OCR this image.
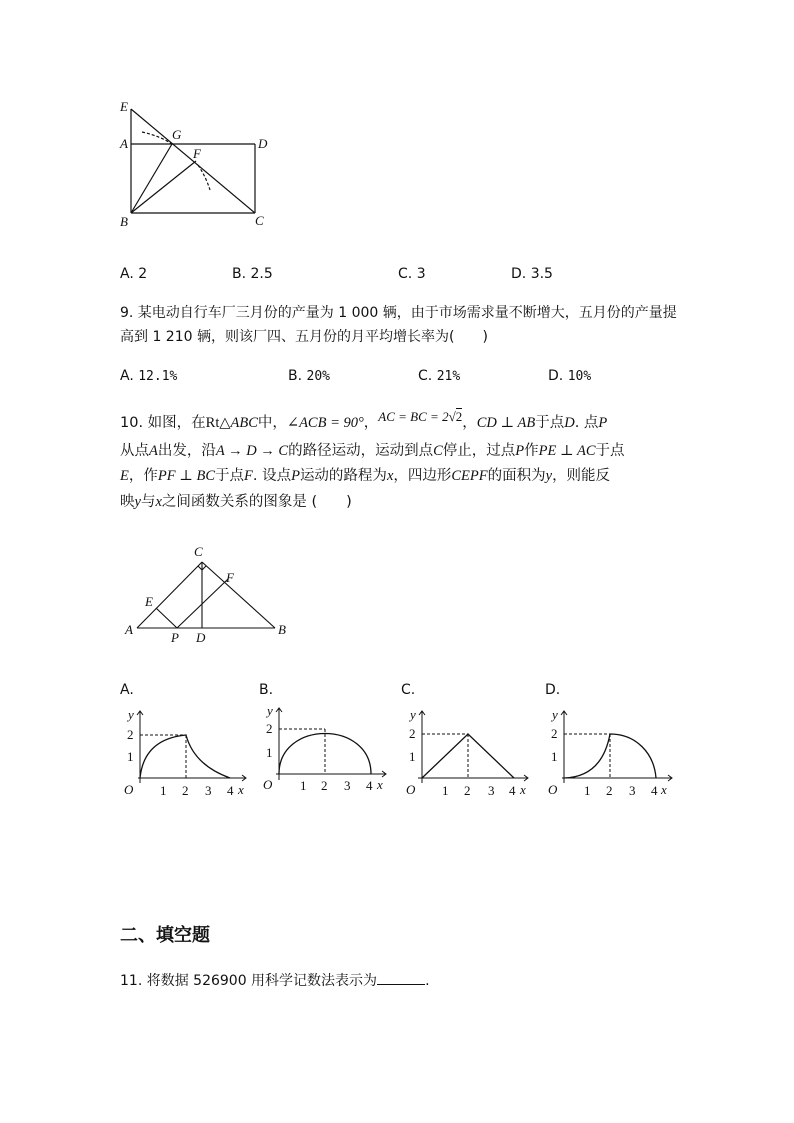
E
A
G
D
F
B	C
A. 2	B. 2.5	C. 3	D. 3.5
9. 某电动自行车厂三月份的产量为 1 000 辆，由于市场需求量不断增大，五月份的产量提
高到 1 210 辆，则该厂四、五月份的月平均增长率为(　　)
A. 12.1%	B. 20%	C. 21%	D. 10%
10. 如图，在Rt△ABC中，∠ACB = 90°，AC = BC = 2√2，CD ⊥ AB于点D. 点P
从点A出发，沿A → D → C的路径运动，运动到点C停止，过点P作PE ⊥ AC于点
E，作PF ⊥ BC于点F. 设点P运动的路程为x，四边形CEPF的面积为y，则能反
映y与x之间函数关系的图象是 (　　)
C
F
E
A
P D
B
A.	B.	C.	D.
y
2
1
O 1 2 3 4 x
y
2
1
O 1 2 3 4 x
y
2
1
O 1 2 3 4 x
y
2
1
O 1 2 3 4 x
二、填空题
11. 将数据 526900 用科学记数法表示为	.
